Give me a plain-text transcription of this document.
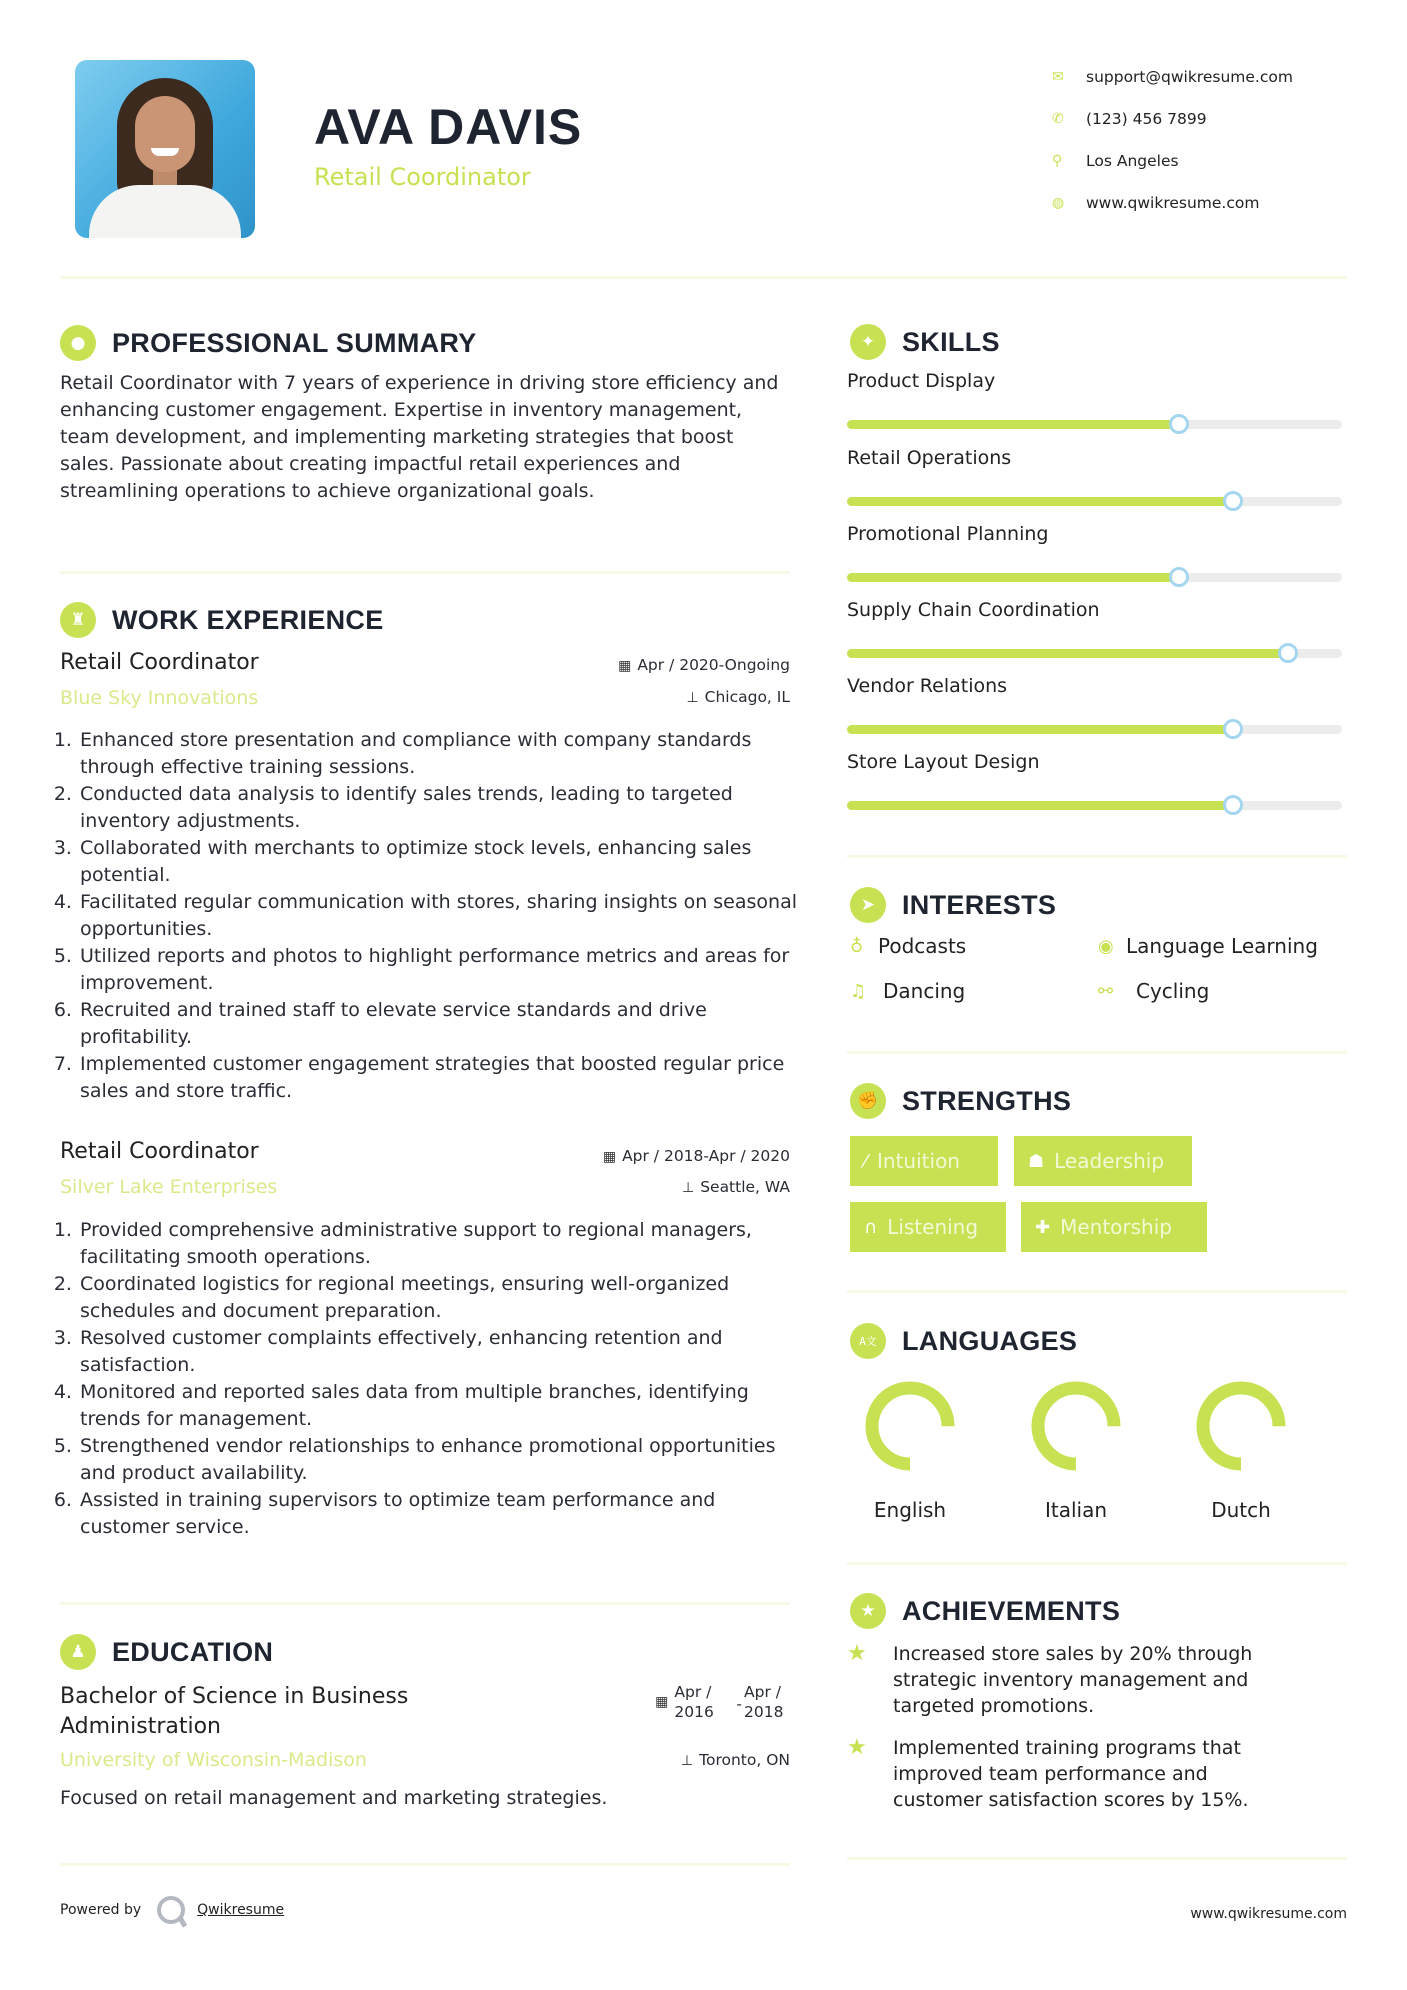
AVA DAVIS
Retail Coordinator
✉	support@qwikresume.com
✆	(123) 456 7899
⚲	Los Angeles
◍	www.qwikresume.com
● PROFESSIONAL SUMMARY
Retail Coordinator with 7 years of experience in driving store efficiency and enhancing customer engagement. Expertise in inventory management, team development, and implementing marketing strategies that boost sales. Passionate about creating impactful retail experiences and streamlining operations to achieve organizational goals.
♜ WORK EXPERIENCE
Retail Coordinator	▦ Apr / 2020-Ongoing
Blue Sky Innovations	⊥ Chicago, IL
1. Enhanced store presentation and compliance with company standards through effective training sessions.
2. Conducted data analysis to identify sales trends, leading to targeted inventory adjustments.
3. Collaborated with merchants to optimize stock levels, enhancing sales potential.
4. Facilitated regular communication with stores, sharing insights on seasonal opportunities.
5. Utilized reports and photos to highlight performance metrics and areas for improvement.
6. Recruited and trained staff to elevate service standards and drive profitability.
7. Implemented customer engagement strategies that boosted regular price sales and store traffic.
Retail Coordinator	▦ Apr / 2018-Apr / 2020
Silver Lake Enterprises	⊥ Seattle, WA
1. Provided comprehensive administrative support to regional managers, facilitating smooth operations.
2. Coordinated logistics for regional meetings, ensuring well-organized schedules and document preparation.
3. Resolved customer complaints effectively, enhancing retention and satisfaction.
4. Monitored and reported sales data from multiple branches, identifying trends for management.
5. Strengthened vendor relationships to enhance promotional opportunities and product availability.
6. Assisted in training supervisors to optimize team performance and customer service.
♟ EDUCATION
Bachelor of Science in Business Administration
▦
Apr / 2016	-
Apr / 2018
University of Wisconsin-Madison	⊥ Toronto, ON
Focused on retail management and marketing strategies.
✦ SKILLS
Product Display
Retail Operations
Promotional Planning
Supply Chain Coordination
Vendor Relations
Store Layout Design
➤ INTERESTS
♁ Podcasts	◉ Language Learning
♫ Dancing	⚯	Cycling
✊ STRENGTHS
⁄ Intuition	☗ Leadership
∩ Listening	✚ Mentorship
A文 LANGUAGES
English	Italian	Dutch
★ ACHIEVEMENTS
★	Increased store sales by 20% through strategic inventory management and targeted promotions.
★	Implemented training programs that improved team performance and customer satisfaction scores by 15%.
Powered by	Qwikresume	www.qwikresume.com
